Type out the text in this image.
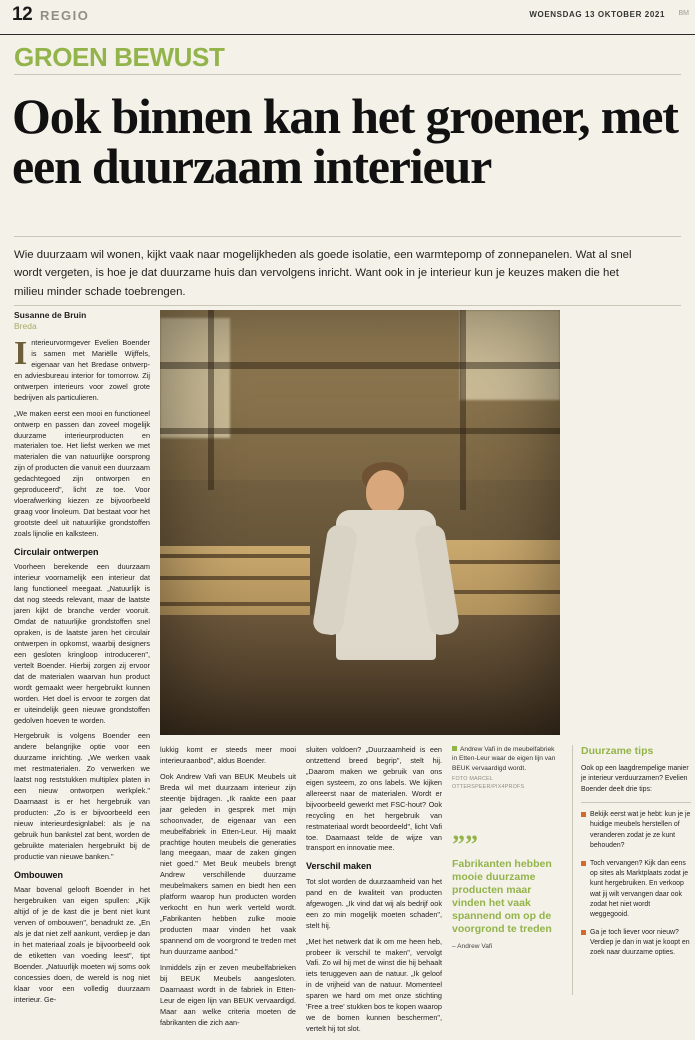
12 REGIO	WOENSDAG 13 OKTOBER 2021 BM
GROEN BEWUST
Ook binnen kan het groener, met een duurzaam interieur
Wie duurzaam wil wonen, kijkt vaak naar mogelijkheden als goede isolatie, een warmtepomp of zonnepanelen. Wat al snel wordt vergeten, is hoe je dat duurzame huis dan vervolgens inricht. Want ook in je interieur kun je keuzes maken die het milieu minder schade toebrengen.
Susanne de Bruin
Breda

Interieurvormgever Evelien Boender is samen met Mariëlle Wijffels, eigenaar van het Bredase ontwerp- en adviesbureau interior for tomorrow. Zij ontwerpen interieurs voor zowel grote bedrijven als particulieren.

„We maken eerst een mooi en functioneel ontwerp en passen dan zoveel mogelijk duurzame interieurproducten en materialen toe. Het liefst werken we met materialen die van natuurlijke oorsprong zijn of producten die vanuit een duurzaam gedachtegoed zijn ontworpen en geproduceerd", licht ze toe. Voor vloerafwerking kiezen ze bijvoorbeeld graag voor linoleum. Dat bestaat voor het grootste deel uit natuurlijke grondstoffen zoals lijnolie en kalksteen.

Circulair ontwerpen

Voorheen berekende een duurzaam interieur voornamelijk een interieur dat lang functioneel meegaat. „Natuurlijk is dat nog steeds relevant, maar de laatste jaren kijkt de branche verder vooruit. Omdat de natuurlijke grondstoffen snel opraken, is de laatste jaren het circulair ontwerpen in opkomst, waarbij designers een gesloten kringloop introduceren", vertelt Boender. Hierbij zorgen zij ervoor dat de materialen waarvan hun product wordt gemaakt weer hergebruikt kunnen worden. Het doel is ervoor te zorgen dat er uiteindelijk geen nieuwe grondstoffen gedolven hoeven te worden.

Hergebruik is volgens Boender een andere belangrijke optie voor een duurzame inrichting. „We werken vaak met restmaterialen. Zo verwerken we laatst nog reststukken multiplex platen in een nieuw ontworpen werkplek." Daarnaast is er het hergebruik van producten: „Zo is er bijvoorbeeld een nieuw interieurdesignlabel: als je na gebruik hun bankstel zat bent, worden de gebruikte materialen hergebruikt bij de productie van nieuwe banken."

Ombouwen

Maar bovenal gelooft Boender in het hergebruiken van eigen spullen: „Kijk altijd of je de kast die je bent niet kunt verven of ombouwen", benadrukt ze. „En als je dat niet zelf aankunt, verdiep je dan in het materiaal zoals je bijvoorbeeld ook de etiketten van voeding leest", tipt Boender. „Natuurlijk moeten wij soms ook concessies doen, de wereld is nog niet klaar voor een volledig duurzaam interieur. Ge-

lukkig komt er steeds meer mooi interieuraanbod", aldus Boender.

Ook Andrew Vafi van BEUK Meubels uit Breda wil met duurzaam interieur zijn steentje bijdragen. „Ik raakte een paar jaar geleden in gesprek met mijn schoonvader, de eigenaar van een meubelfabriek in Etten-Leur. Hij maakt prachtige houten meubels die generaties lang meegaan, maar de zaken gingen niet goed." Met Beuk meubels brengt Andrew verschillende duurzame meubelmakers samen en biedt hen een platform waarop hun producten worden verkocht en hun werk verteld wordt. „Fabrikanten hebben zulke mooie producten maar vinden het vaak spannend om de voorgrond te treden met hun duurzame aanbod."

Inmiddels zijn er zeven meubelfabrieken bij BEUK Meubels aangesloten. Daarnaast wordt in de fabriek in Etten-Leur de eigen lijn van BEUK vervaardigd. Maar aan welke criteria moeten de fabrikanten die zich aan-

sluiten voldoen? „Duurzaamheid is een ontzettend breed begrip", stelt hij. „Daarom maken we gebruik van ons eigen systeem, zo ons labels. We kijken allereerst naar de materialen. Wordt er bijvoorbeeld gewerkt met FSC-hout? Ook recycling en het hergebruik van restmateriaal wordt beoordeeld", licht Vafi toe. Daarnaast telde de wijze van transport en innovatie mee.

Verschil maken

Tot slot worden de duurzaamheid van het pand en de kwaliteit van producten afgewogen. „Ik vind dat wij als bedrijf ook een zo min mogelijk moeten schaden", stelt hij.

„Met het netwerk dat ik om me heen heb, probeer ik verschil te maken", vervolgt Vafi. Zo wil hij met de winst die hij behaalt iets teruggeven aan de natuur. „Ik geloof in de vrijheid van de natuur. Momenteel sparen we hard om met onze stichting 'Free a tree' stukken bos te kopen waarop we de bomen kunnen beschermen", vertelt hij tot slot.

Andrew Vafi in de meubelfabriek in Etten-Leur waar de eigen lijn van BEUK vervaardigd wordt.
FOTO MARCEL OTTERSPEER/PIX4PROFS
””
Fabrikanten hebben mooie duurzame producten maar vinden het vaak spannend om op de voorgrond te treden
– Andrew Vafi
Duurzame tips

Ook op een laagdrempelige manier je interieur verduurzamen? Evelien Boender deelt drie tips:

Bekijk eerst wat je hebt: kun je je huidige meubels herstellen of veranderen zodat je ze kunt behouden?

Toch vervangen? Kijk dan eens op sites als Marktplaats zodat je kunt hergebruiken. En verkoop wat jij wilt vervangen daar ook zodat het niet wordt weggegooid.

Ga je toch liever voor nieuw? Verdiep je dan in wat je koopt en zoek naar duurzame opties.
